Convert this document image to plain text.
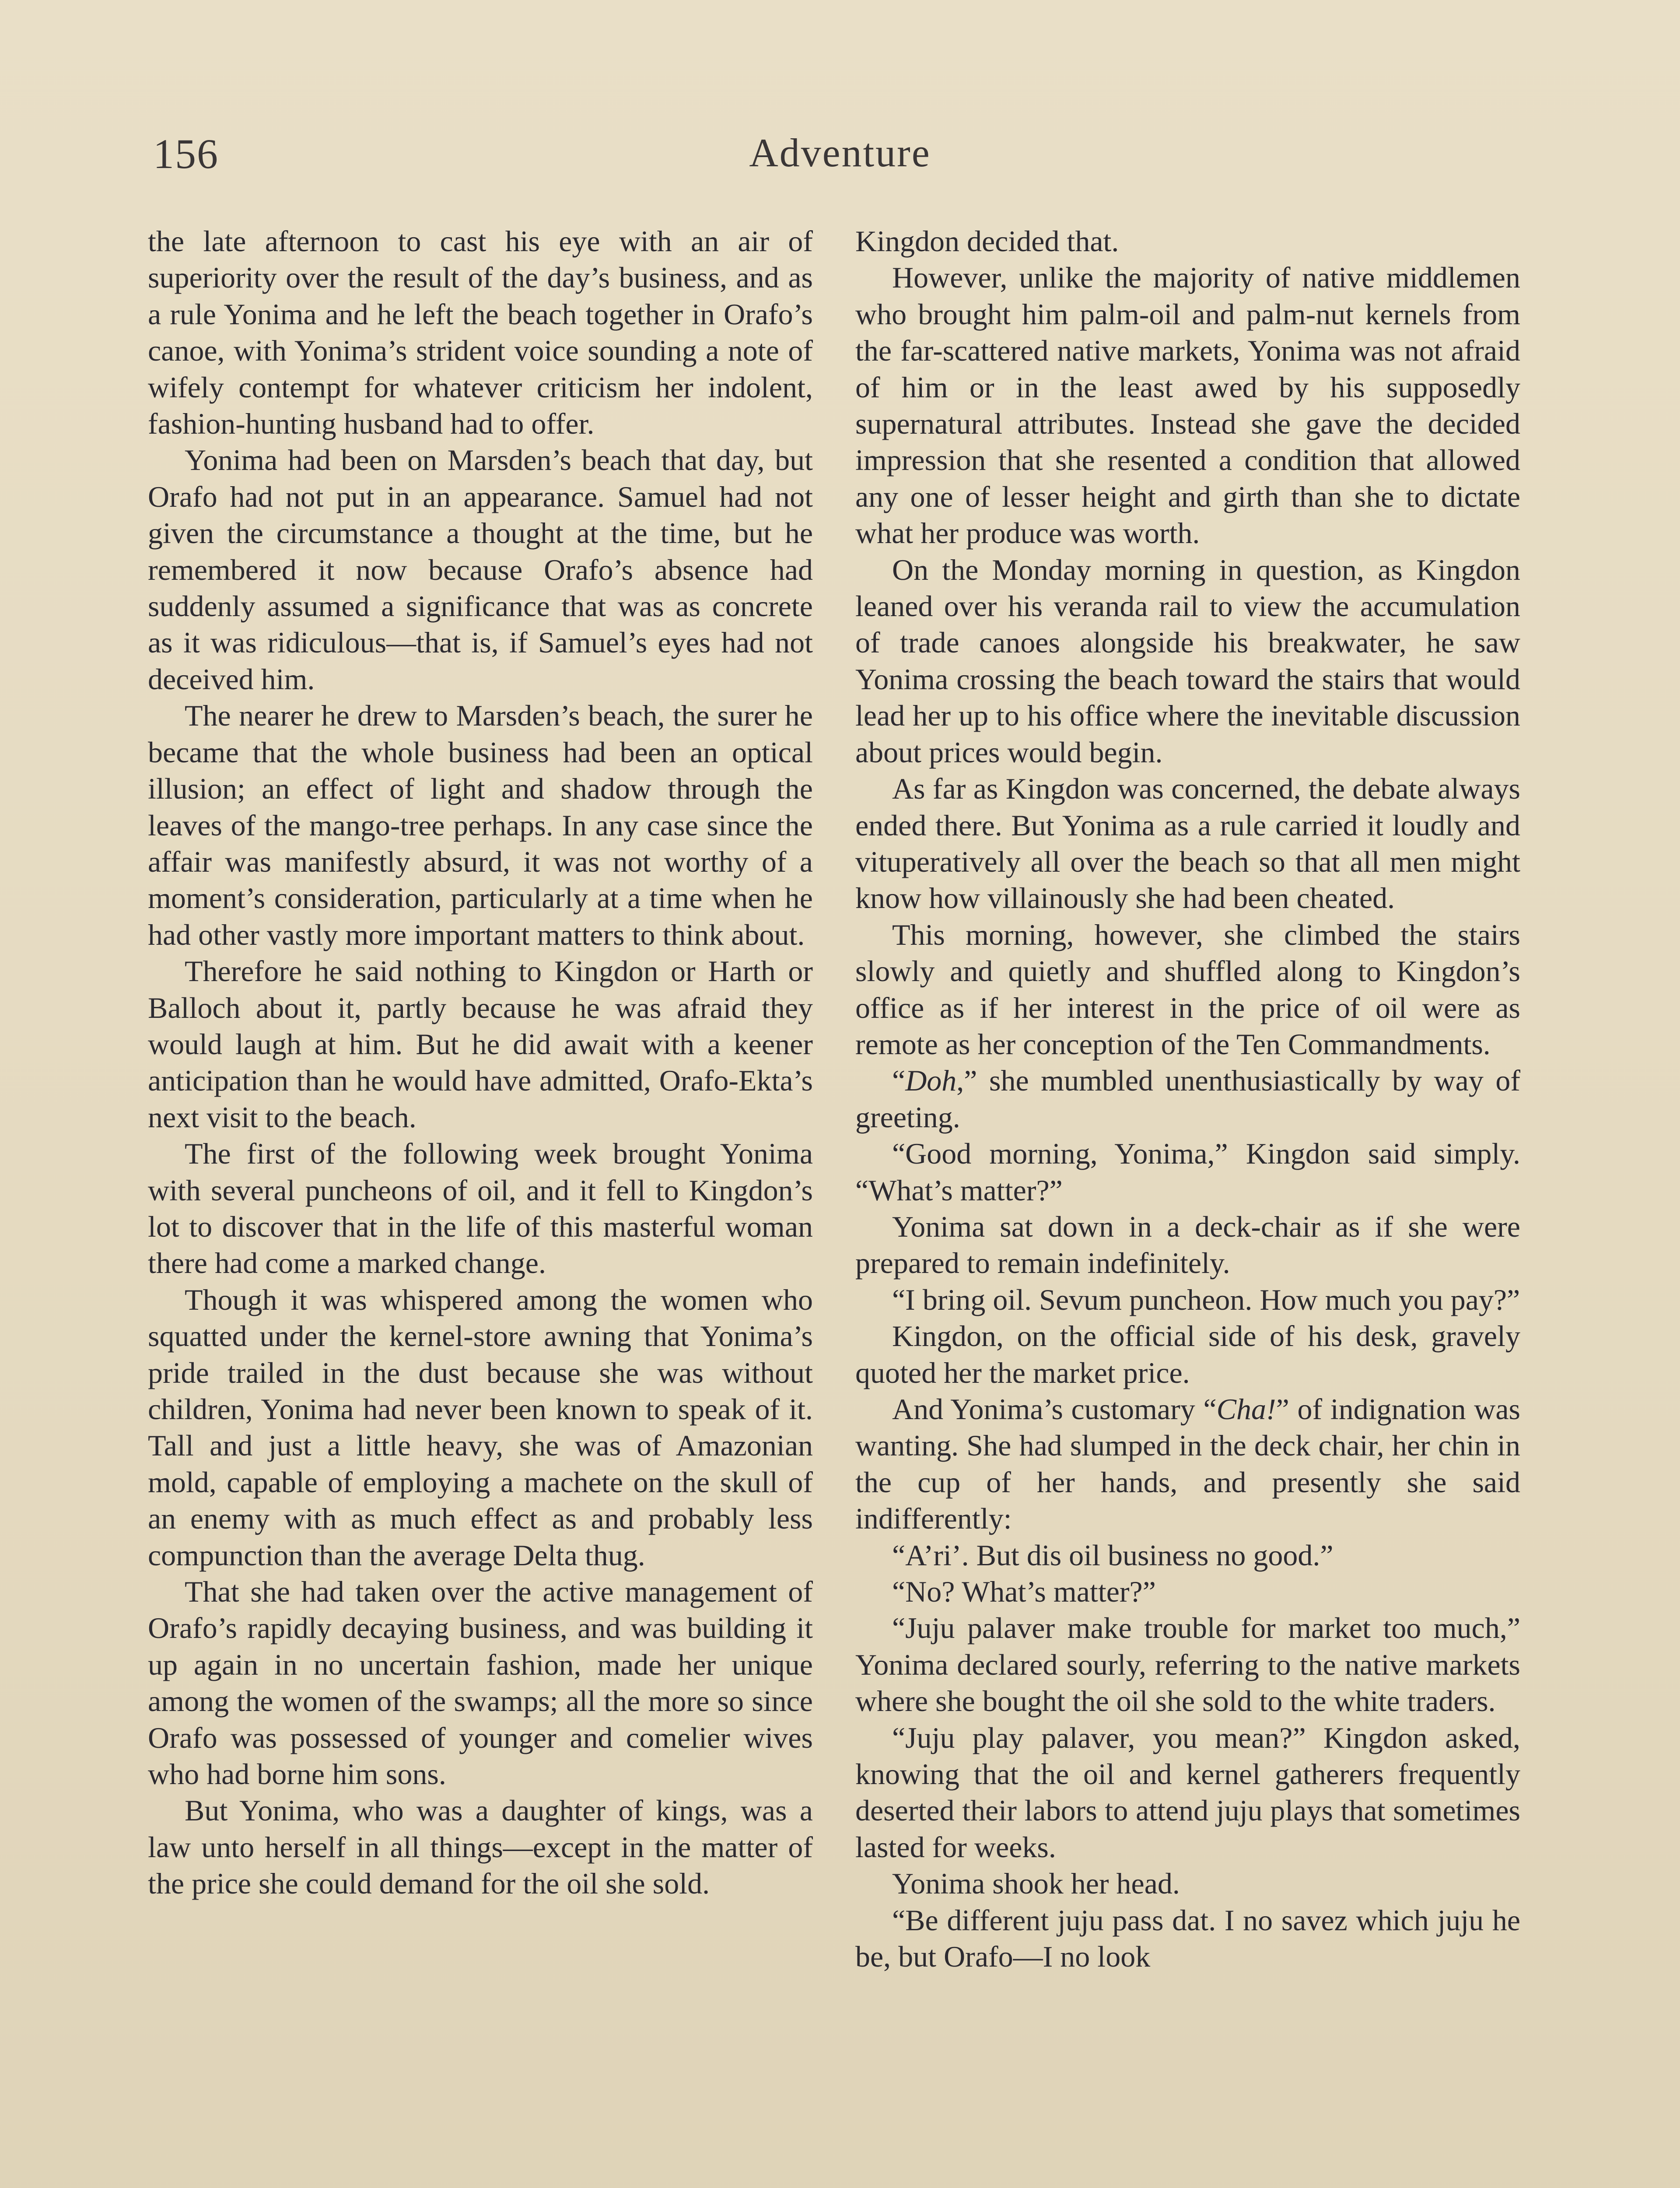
156	Adventure

the late afternoon to cast his eye with an air of superiority over the result of the day’s business, and as a rule Yonima and he left the beach together in Orafo’s canoe, with Yonima’s strident voice sounding a note of wifely contempt for whatever criticism her indolent, fashion-hunting husband had to offer.

Yonima had been on Marsden’s beach that day, but Orafo had not put in an appearance. Samuel had not given the circumstance a thought at the time, but he remembered it now because Orafo’s absence had suddenly assumed a significance that was as concrete as it was ridiculous—that is, if Samuel’s eyes had not deceived him.

The nearer he drew to Marsden’s beach, the surer he became that the whole business had been an optical illusion; an effect of light and shadow through the leaves of the mango-tree perhaps. In any case since the affair was manifestly absurd, it was not worthy of a moment’s consideration, particularly at a time when he had other vastly more important matters to think about.

Therefore he said nothing to Kingdon or Harth or Balloch about it, partly because he was afraid they would laugh at him. But he did await with a keener anticipation than he would have admitted, Orafo-Ekta’s next visit to the beach.

The first of the following week brought Yonima with several puncheons of oil, and it fell to Kingdon’s lot to discover that in the life of this masterful woman there had come a marked change.

Though it was whispered among the women who squatted under the kernel-store awning that Yonima’s pride trailed in the dust because she was without children, Yonima had never been known to speak of it. Tall and just a little heavy, she was of Amazonian mold, capable of employing a machete on the skull of an enemy with as much effect as and probably less compunction than the average Delta thug.

That she had taken over the active management of Orafo’s rapidly decaying business, and was building it up again in no uncertain fashion, made her unique among the women of the swamps; all the more so since Orafo was possessed of younger and comelier wives who had borne him sons.

But Yonima, who was a daughter of kings, was a law unto herself in all things—except in the matter of the price she could demand for the oil she sold.

Kingdon decided that.

However, unlike the majority of native middlemen who brought him palm-oil and palm-nut kernels from the far-scattered native markets, Yonima was not afraid of him or in the least awed by his supposedly supernatural attributes. Instead she gave the decided impression that she resented a condition that allowed any one of lesser height and girth than she to dictate what her produce was worth.

On the Monday morning in question, as Kingdon leaned over his veranda rail to view the accumulation of trade canoes alongside his breakwater, he saw Yonima crossing the beach toward the stairs that would lead her up to his office where the inevitable discussion about prices would begin.

As far as Kingdon was concerned, the debate always ended there. But Yonima as a rule carried it loudly and vituperatively all over the beach so that all men might know how villainously she had been cheated.

This morning, however, she climbed the stairs slowly and quietly and shuffled along to Kingdon’s office as if her interest in the price of oil were as remote as her conception of the Ten Commandments.

“Doh,” she mumbled unenthusiastically by way of greeting.

“Good morning, Yonima,” Kingdon said simply. “What’s matter?”

Yonima sat down in a deck-chair as if she were prepared to remain indefinitely.

“I bring oil. Sevum puncheon. How much you pay?”

Kingdon, on the official side of his desk, gravely quoted her the market price.

And Yonima’s customary “Cha!” of indignation was wanting. She had slumped in the deck chair, her chin in the cup of her hands, and presently she said indifferently:

“A’ri’. But dis oil business no good.”

“No? What’s matter?”

“Juju palaver make trouble for market too much,” Yonima declared sourly, referring to the native markets where she bought the oil she sold to the white traders.

“Juju play palaver, you mean?” Kingdon asked, knowing that the oil and kernel gatherers frequently deserted their labors to attend juju plays that sometimes lasted for weeks.

Yonima shook her head.

“Be different juju pass dat. I no savez which juju he be, but Orafo—I no look
